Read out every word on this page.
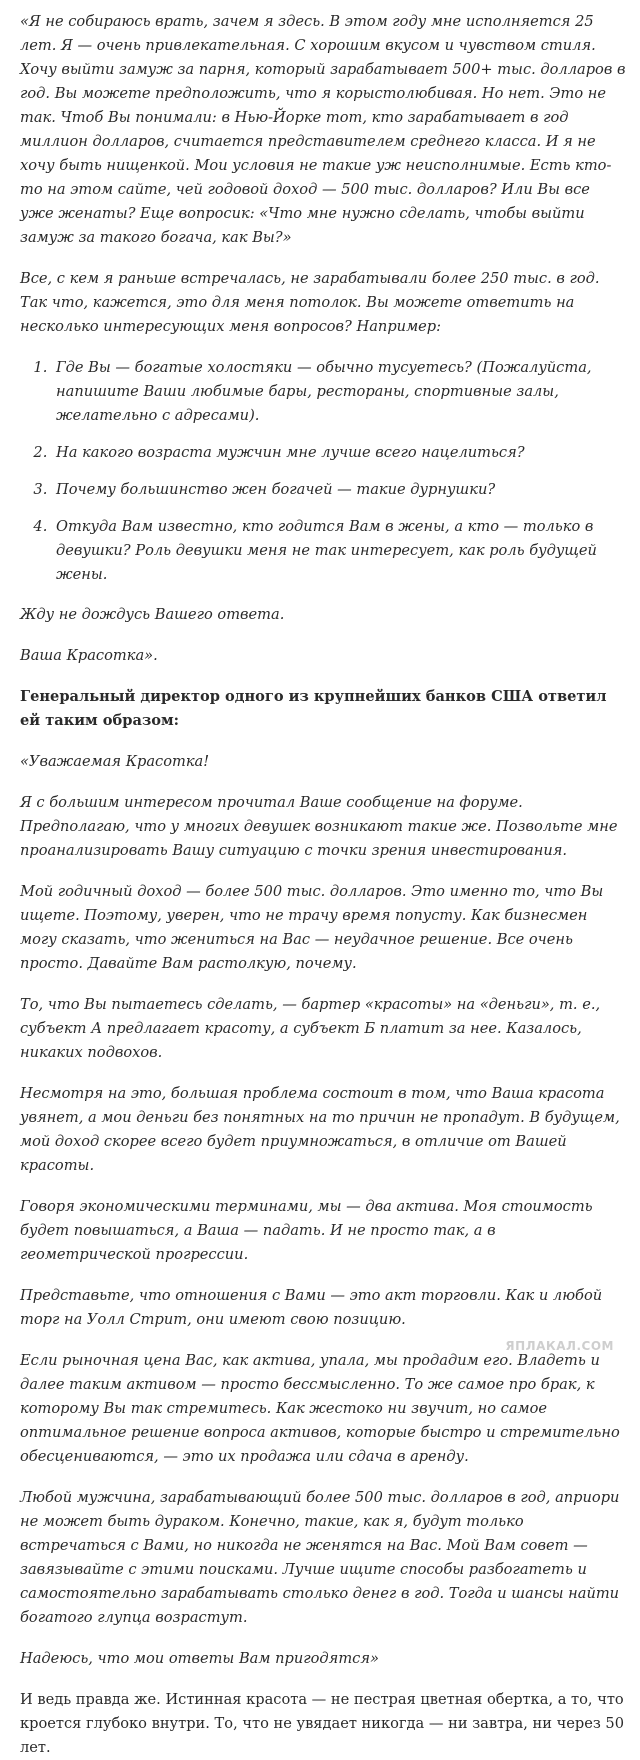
«Я не собираюсь врать, зачем я здесь. В этом году мне исполняется 25 лет. Я — очень привлекательная. С хорошим вкусом и чувством стиля. Хочу выйти замуж за парня, который зарабатывает 500+ тыс. долларов в год. Вы можете предположить, что я корыстолюбивая. Но нет. Это не так. Чтоб Вы понимали: в Нью-Йорке тот, кто зарабатывает в год миллион долларов, считается представителем среднего класса. И я не хочу быть нищенкой. Мои условия не такие уж неисполнимые. Есть кто-то на этом сайте, чей годовой доход — 500 тыс. долларов? Или Вы все уже женаты? Еще вопросик: «Что мне нужно сделать, чтобы выйти замуж за такого богача, как Вы?»

Все, с кем я раньше встречалась, не зарабатывали более 250 тыс. в год. Так что, кажется, это для меня потолок. Вы можете ответить на несколько интересующих меня вопросов? Например:

1. Где Вы — богатые холостяки — обычно тусуетесь? (Пожалуйста, напишите Ваши любимые бары, рестораны, спортивные залы, желательно с адресами).
2. На какого возраста мужчин мне лучше всего нацелиться?
3. Почему большинство жен богачей — такие дурнушки?
4. Откуда Вам известно, кто годится Вам в жены, а кто — только в девушки? Роль девушки меня не так интересует, как роль будущей жены.

Жду не дождусь Вашего ответа.

Ваша Красотка».

Генеральный директор одного из крупнейших банков США ответил ей таким образом:

«Уважаемая Красотка!

Я с большим интересом прочитал Ваше сообщение на форуме. Предполагаю, что у многих девушек возникают такие же. Позвольте мне проанализировать Вашу ситуацию с точки зрения инвестирования.

Мой годичный доход — более 500 тыс. долларов. Это именно то, что Вы ищете. Поэтому, уверен, что не трачу время попусту. Как бизнесмен могу сказать, что жениться на Вас — неудачное решение. Все очень просто. Давайте Вам растолкую, почему.

То, что Вы пытаетесь сделать, — бартер «красоты» на «деньги», т. е., субъект А предлагает красоту, а субъект Б платит за нее. Казалось, никаких подвохов.

Несмотря на это, большая проблема состоит в том, что Ваша красота увянет, а мои деньги без понятных на то причин не пропадут. В будущем, мой доход скорее всего будет приумножаться, в отличие от Вашей красоты.

Говоря экономическими терминами, мы — два актива. Моя стоимость будет повышаться, а Ваша — падать. И не просто так, а в геометрической прогрессии.

Представьте, что отношения с Вами — это акт торговли. Как и любой торг на Уолл Стрит, они имеют свою позицию.

Если рыночная цена Вас, как актива, упала, мы продадим его. Владеть и далее таким активом — просто бессмысленно. То же самое про брак, к которому Вы так стремитесь. Как жестоко ни звучит, но самое оптимальное решение вопроса активов, которые быстро и стремительно обесцениваются, — это их продажа или сдача в аренду.

Любой мужчина, зарабатывающий более 500 тыс. долларов в год, априори не может быть дураком. Конечно, такие, как я, будут только встречаться с Вами, но никогда не женятся на Вас. Мой Вам совет — завязывайте с этими поисками. Лучше ищите способы разбогатеть и самостоятельно зарабатывать столько денег в год. Тогда и шансы найти богатого глупца возрастут.

Надеюсь, что мои ответы Вам пригодятся»

И ведь правда же. Истинная красота — не пестрая цветная обертка, а то, что кроется глубоко внутри. То, что не увядает никогда — ни завтра, ни через 50 лет.

ЯПЛАКАЛ.COM
